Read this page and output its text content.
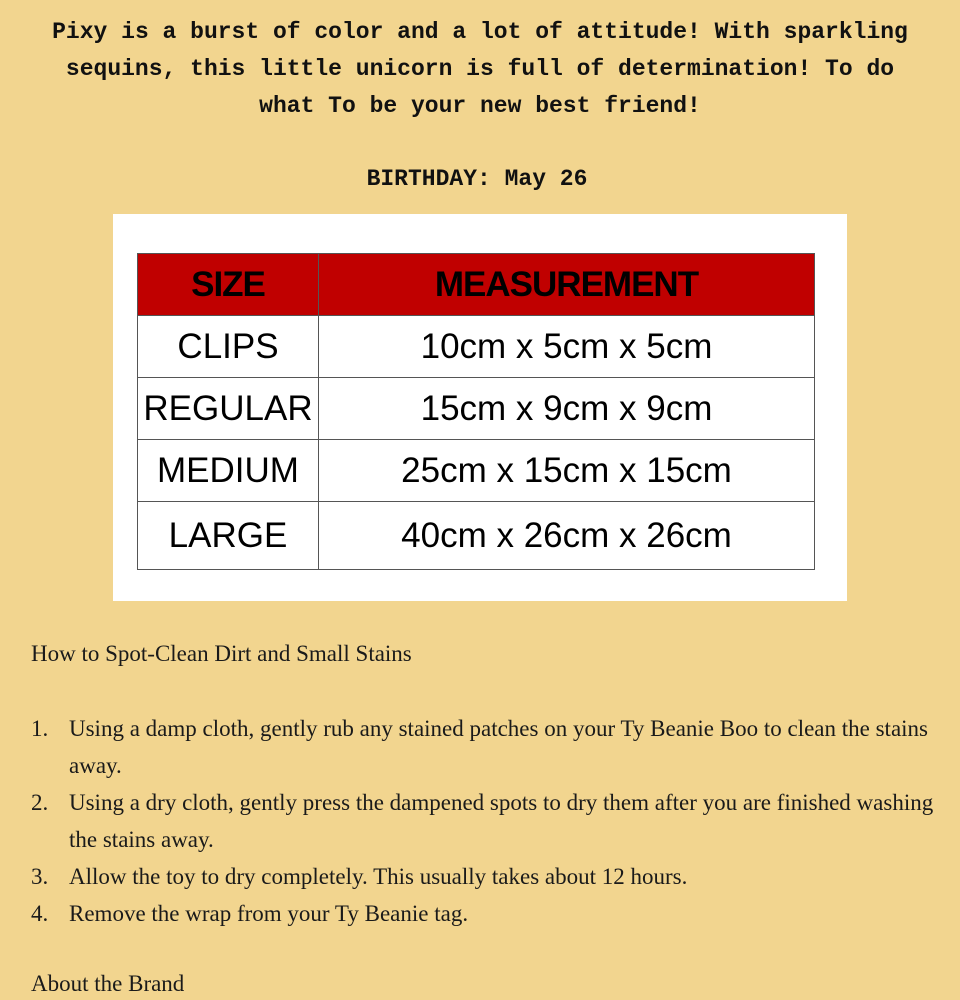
Pixy is a burst of color and a lot of attitude! With sparkling sequins, this little unicorn is full of determination! To do what To be your new best friend!

BIRTHDAY: May 26

SIZE	MEASUREMENT
CLIPS	10cm x 5cm x 5cm
REGULAR	15cm x 9cm x 9cm
MEDIUM	25cm x 15cm x 15cm
LARGE	40cm x 26cm x 26cm

How to Spot-Clean Dirt and Small Stains

1. Using a damp cloth, gently rub any stained patches on your Ty Beanie Boo to clean the stains away.
2. Using a dry cloth, gently press the dampened spots to dry them after you are finished washing the stains away.
3. Allow the toy to dry completely. This usually takes about 12 hours.
4. Remove the wrap from your Ty Beanie tag.

About the Brand
